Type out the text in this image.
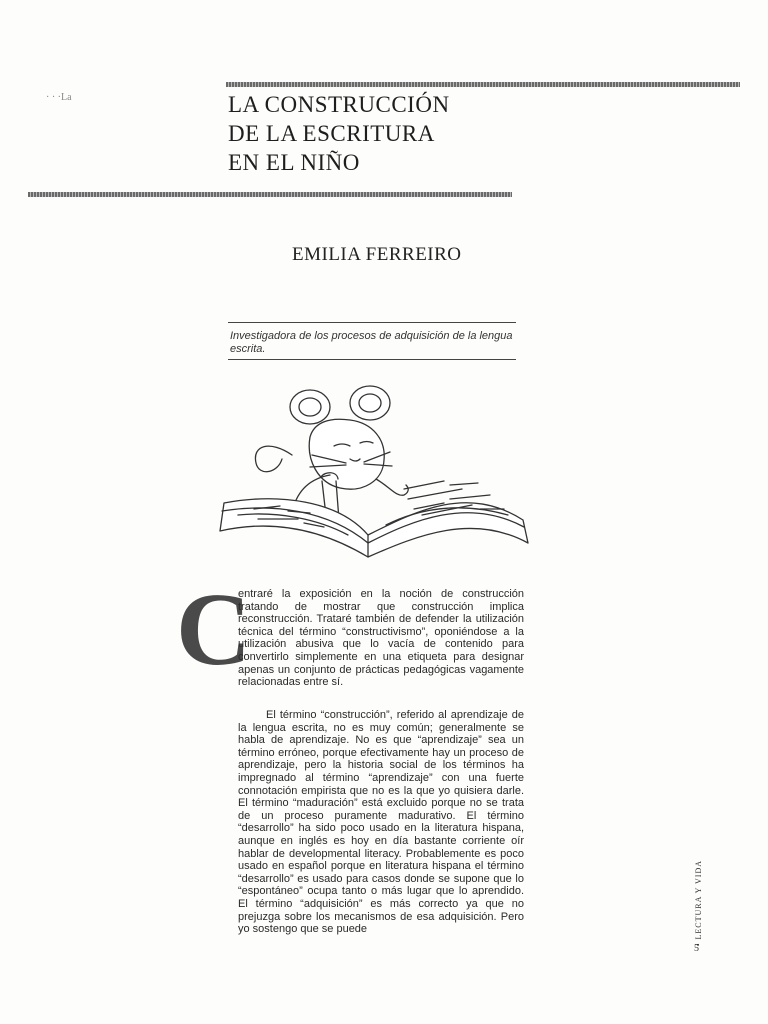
· · ·La	LA CONSTRUCCIÓN
DE LA ESCRITURA
EN EL NIÑO
EMILIA FERREIRO
Investigadora de los procesos de adquisición de la lengua escrita.
C

entraré la exposición en la noción de construcción tratando de mostrar que construcción implica reconstrucción. Trataré también de defender la utilización técnica del término “constructivismo”, oponiéndose a la utilización abusiva que lo vacía de contenido para convertirlo simplemente en una etiqueta para designar apenas un conjunto de prácticas pedagógicas vagamente relacionadas entre sí.

El término “construcción”, referido al aprendizaje de la lengua escrita, no es muy común; generalmente se habla de aprendizaje. No es que “aprendizaje” sea un término erróneo, porque efectivamente hay un proceso de aprendizaje, pero la historia social de los términos ha impregnado al término “aprendizaje” con una fuerte connotación empirista que no es la que yo quisiera darle. El término “maduración” está excluido porque no se trata de un proceso puramente madurativo. El término “desarrollo” ha sido poco usado en la literatura hispana, aunque en inglés es hoy en día bastante corriente oír hablar de developmental literacy. Probablemente es poco usado en español porque en literatura hispana el término “desarrollo” es usado para casos donde se supone que lo “espontáneo” ocupa tanto o más lugar que lo aprendido. El término “adquisición” es más correcto ya que no prejuzga sobre los mecanismos de esa adquisición. Pero yo sostengo que se puede	• LECTURA Y VIDA
5
